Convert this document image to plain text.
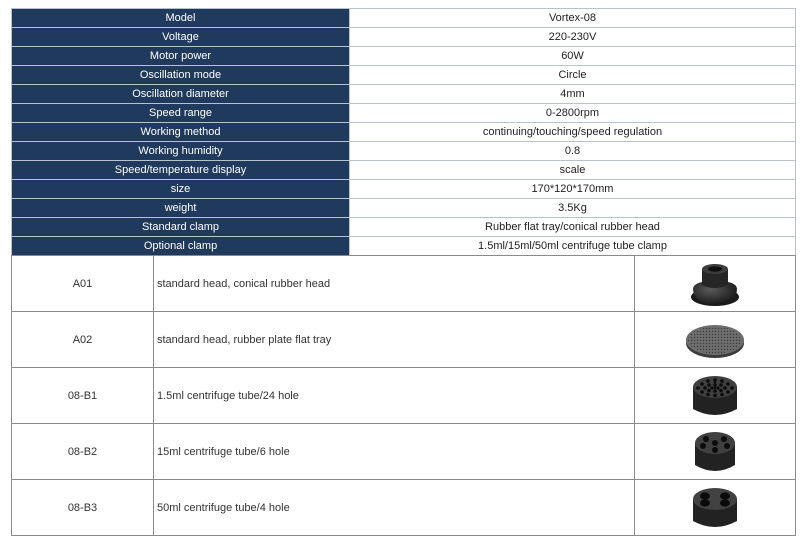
Model	Vortex-08
Voltage	220-230V
Motor power	60W
Oscillation mode	Circle
Oscillation diameter	4mm
Speed range	0-2800rpm
Working method	continuing/touching/speed regulation
Working humidity	0.8
Speed/temperature display	scale
size	170*120*170mm
weight	3.5Kg
Standard clamp	Rubber flat tray/conical rubber head
Optional clamp	1.5ml/15ml/50ml centrifuge tube clamp
A01	standard head, conical rubber head	

A02	standard head, rubber plate flat tray	

08-B1	1.5ml centrifuge tube/24 hole	

08-B2	15ml centrifuge tube/6 hole	

08-B3	50ml centrifuge tube/4 hole	
